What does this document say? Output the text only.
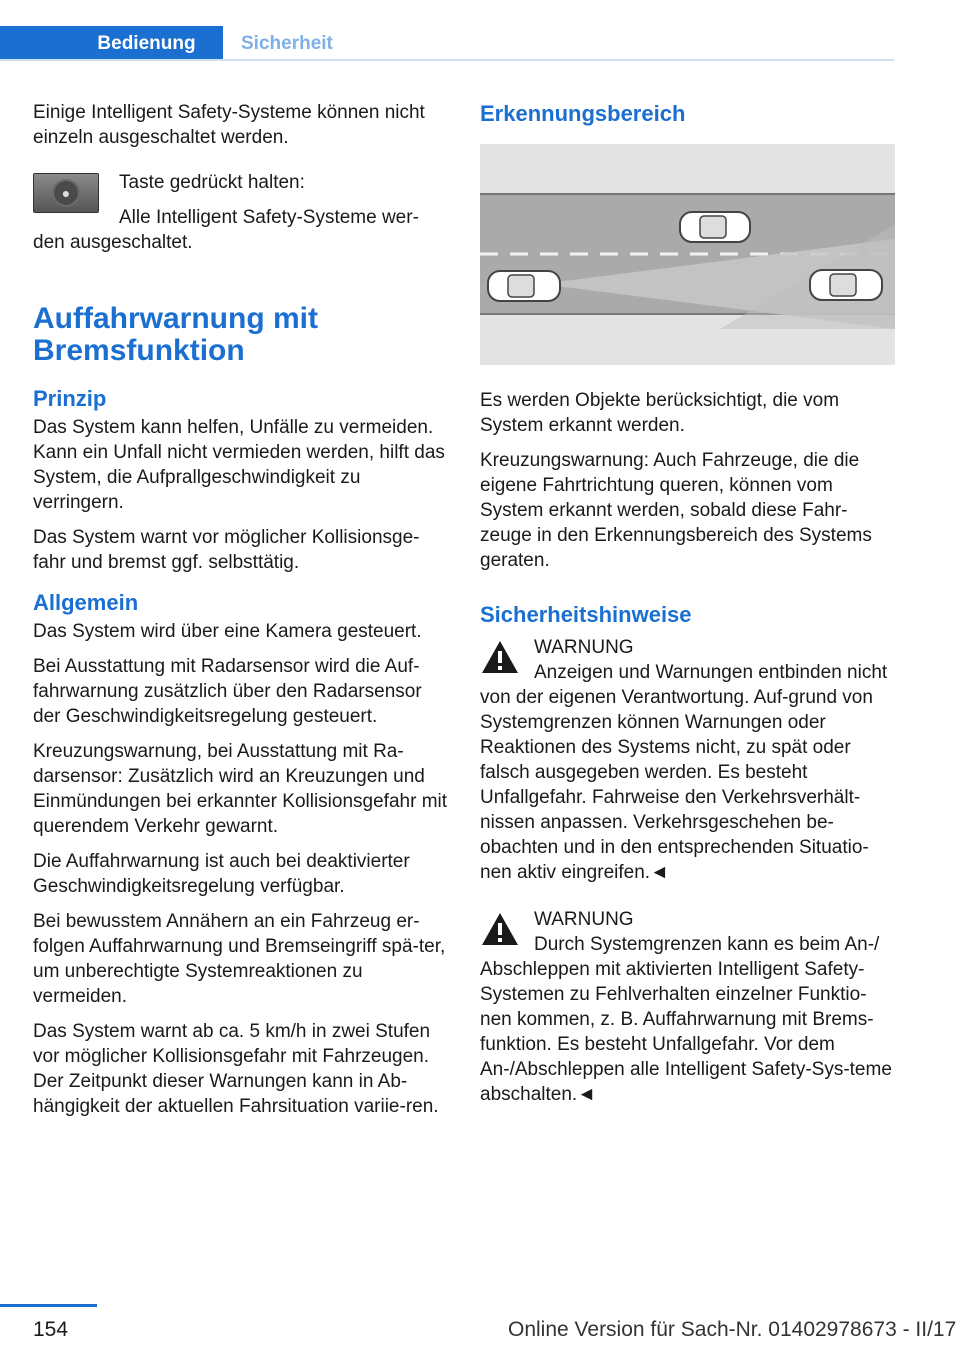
Bedienung	Sicherheit

Einige Intelligent Safety-Systeme können nicht einzeln ausgeschaltet werden.

●	Taste gedrückt halten:

Alle Intelligent Safety-Systeme wer-den ausgeschaltet.

Auffahrwarnung mit Bremsfunktion
Prinzip

Das System kann helfen, Unfälle zu vermeiden. Kann ein Unfall nicht vermieden werden, hilft das System, die Aufprallgeschwindigkeit zu verringern.

Das System warnt vor möglicher Kollisionsge-fahr und bremst ggf. selbsttätig.

Allgemein

Das System wird über eine Kamera gesteuert.

Bei Ausstattung mit Radarsensor wird die Auf-fahrwarnung zusätzlich über den Radarsensor der Geschwindigkeitsregelung gesteuert.

Kreuzungswarnung, bei Ausstattung mit Ra-darsensor: Zusätzlich wird an Kreuzungen und Einmündungen bei erkannter Kollisionsgefahr mit querendem Verkehr gewarnt.

Die Auffahrwarnung ist auch bei deaktivierter Geschwindigkeitsregelung verfügbar.

Bei bewusstem Annähern an ein Fahrzeug er-folgen Auffahrwarnung und Bremseingriff spä-ter, um unberechtigte Systemreaktionen zu vermeiden.

Das System warnt ab ca. 5 km/h in zwei Stufen vor möglicher Kollisionsgefahr mit Fahrzeugen. Der Zeitpunkt dieser Warnungen kann in Ab-hängigkeit der aktuellen Fahrsituation variie-ren.

Erkennungsbereich

Es werden Objekte berücksichtigt, die vom System erkannt werden.

Kreuzungswarnung: Auch Fahrzeuge, die die eigene Fahrtrichtung queren, können vom System erkannt werden, sobald diese Fahr-zeuge in den Erkennungsbereich des Systems geraten.

Sicherheitshinweise

WARNUNG

Anzeigen und Warnungen entbinden nicht von der eigenen Verantwortung. Auf-grund von Systemgrenzen können Warnungen oder Reaktionen des Systems nicht, zu spät oder falsch ausgegeben werden. Es besteht Unfallgefahr. Fahrweise den Verkehrsverhält-nissen anpassen. Verkehrsgeschehen be-obachten und in den entsprechenden Situatio-nen aktiv eingreifen.◄

WARNUNG

Durch Systemgrenzen kann es beim An-/ Abschleppen mit aktivierten Intelligent Safety-Systemen zu Fehlverhalten einzelner Funktio-nen kommen, z. B. Auffahrwarnung mit Brems-funktion. Es besteht Unfallgefahr. Vor dem An-/Abschleppen alle Intelligent Safety-Sys-teme abschalten.◄

154	Online Version für Sach-Nr. 01402978673 - II/17
